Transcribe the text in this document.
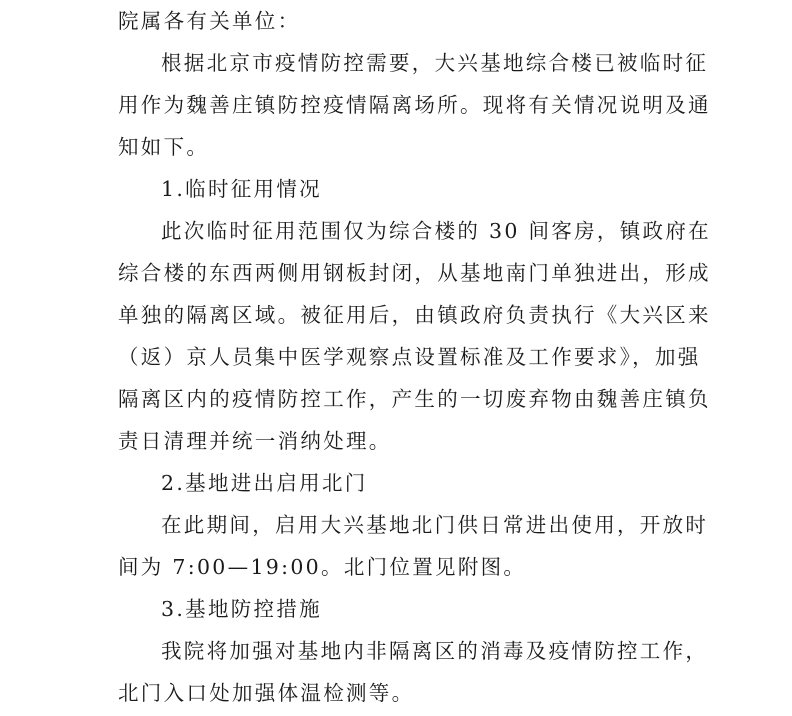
院属各有关单位：
根据北京市疫情防控需要，大兴基地综合楼已被临时征
用作为魏善庄镇防控疫情隔离场所。现将有关情况说明及通
知如下。
1.临时征用情况
此次临时征用范围仅为综合楼的 30 间客房，镇政府在
综合楼的东西两侧用钢板封闭，从基地南门单独进出，形成
单独的隔离区域。被征用后，由镇政府负责执行《大兴区来
（返）京人员集中医学观察点设置标准及工作要求》，加强
隔离区内的疫情防控工作，产生的一切废弃物由魏善庄镇负
责日清理并统一消纳处理。
2.基地进出启用北门
在此期间，启用大兴基地北门供日常进出使用，开放时
间为 7:00—19:00。北门位置见附图。
3.基地防控措施
我院将加强对基地内非隔离区的消毒及疫情防控工作，
北门入口处加强体温检测等。
